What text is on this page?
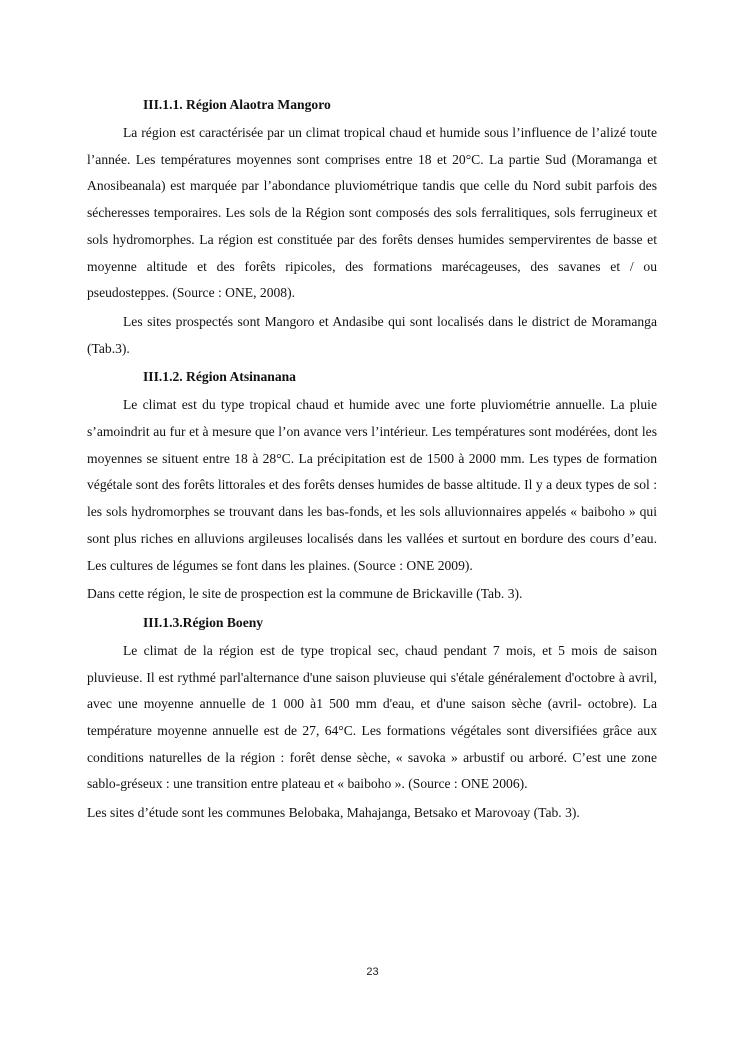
III.1.1. Région Alaotra Mangoro

La région est caractérisée par un climat tropical chaud et humide sous l’influence de l’alizé toute l’année. Les températures moyennes sont comprises entre 18 et 20°C. La partie Sud (Moramanga et Anosibeanala) est marquée par l’abondance pluviométrique tandis que celle du Nord subit parfois des sécheresses temporaires. Les sols de la Région sont composés des sols ferralitiques, sols ferrugineux et sols hydromorphes. La région est constituée par des forêts denses humides sempervirentes de basse et moyenne altitude et des forêts ripicoles, des formations marécageuses, des savanes et / ou pseudosteppes. (Source : ONE, 2008).

Les sites prospectés sont Mangoro et Andasibe qui sont localisés dans le district de Moramanga (Tab.3).

III.1.2. Région Atsinanana

Le climat est du type tropical chaud et humide avec une forte pluviométrie annuelle. La pluie s’amoindrit au fur et à mesure que l’on avance vers l’intérieur. Les températures sont modérées, dont les moyennes se situent entre 18 à 28°C. La précipitation est de 1500 à 2000 mm. Les types de formation végétale sont des forêts littorales et des forêts denses humides de basse altitude. Il y a deux types de sol : les sols hydromorphes se trouvant dans les bas-fonds, et les sols alluvionnaires appelés « baiboho » qui sont plus riches en alluvions argileuses localisés dans les vallées et surtout en bordure des cours d’eau. Les cultures de légumes se font dans les plaines. (Source : ONE 2009).

Dans cette région, le site de prospection est la commune de Brickaville (Tab. 3).

III.1.3.Région Boeny

Le climat de la région est de type tropical sec, chaud pendant 7 mois, et 5 mois de saison pluvieuse. Il est rythmé parl'alternance d'une saison pluvieuse qui s'étale généralement d'octobre à avril, avec une moyenne annuelle de 1 000 à1 500 mm d'eau, et d'une saison sèche (avril- octobre). La température moyenne annuelle est de 27, 64°C. Les formations végétales sont diversifiées grâce aux conditions naturelles de la région : forêt dense sèche, « savoka » arbustif ou arboré. C’est une zone sablo-gréseux : une transition entre plateau et « baiboho ». (Source : ONE 2006).

Les sites d’étude sont les communes Belobaka, Mahajanga, Betsako et Marovoay (Tab. 3).

23
